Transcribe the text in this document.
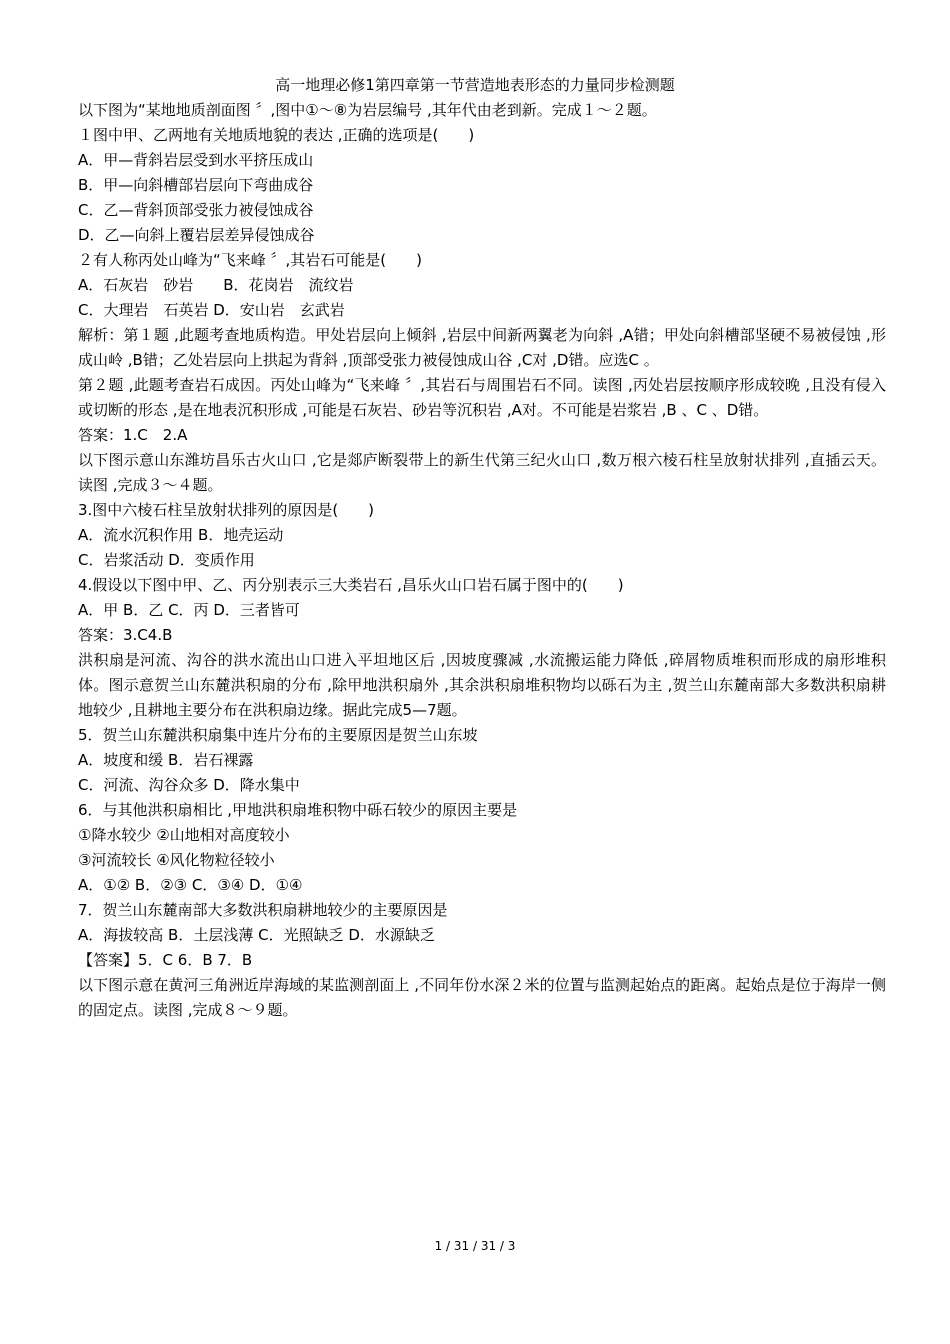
高一地理必修1第四章第一节营造地表形态的力量同步检测题

以下图为“某地地质剖面图 〞,图中①～⑧为岩层编号 ,其年代由老到新。完成１～２题。

１图中甲、乙两地有关地质地貌的表达 ,正确的选项是(　　)

A．甲—背斜岩层受到水平挤压成山

B．甲—向斜槽部岩层向下弯曲成谷

C．乙—背斜顶部受张力被侵蚀成谷

D．乙—向斜上覆岩层差异侵蚀成谷

２有人称丙处山峰为“飞来峰 〞,其岩石可能是(　　)

A．石灰岩　砂岩　　B．花岗岩　流纹岩

C．大理岩　石英岩 D．安山岩　玄武岩

解析：第１题 ,此题考查地质构造。甲处岩层向上倾斜 ,岩层中间新两翼老为向斜 ,A错；甲处向斜槽部坚硬不易被侵蚀 ,形成山岭 ,B错；乙处岩层向上拱起为背斜 ,顶部受张力被侵蚀成山谷 ,C对 ,D错。应选C 。

第２题 ,此题考查岩石成因。丙处山峰为“飞来峰 〞,其岩石与周围岩石不同。读图 ,丙处岩层按顺序形成较晚 ,且没有侵入或切断的形态 ,是在地表沉积形成 ,可能是石灰岩、砂岩等沉积岩 ,A对。不可能是岩浆岩 ,B 、C 、D错。

答案：1.C　2.A

以下图示意山东潍坊昌乐古火山口 ,它是郯庐断裂带上的新生代第三纪火山口 ,数万根六棱石柱呈放射状排列 ,直插云天。读图 ,完成３～４题。

3.图中六棱石柱呈放射状排列的原因是(　　)

A．流水沉积作用 B．地壳运动

C．岩浆活动 D．变质作用

4.假设以下图中甲、乙、丙分别表示三大类岩石 ,昌乐火山口岩石属于图中的(　　)

A．甲 B．乙 C．丙 D．三者皆可

答案：3.C4.B

洪积扇是河流、沟谷的洪水流出山口进入平坦地区后 ,因坡度骤减 ,水流搬运能力降低 ,碎屑物质堆积而形成的扇形堆积体。图示意贺兰山东麓洪积扇的分布 ,除甲地洪积扇外 ,其余洪积扇堆积物均以砾石为主 ,贺兰山东麓南部大多数洪积扇耕地较少 ,且耕地主要分布在洪积扇边缘。据此完成5—7题。

5．贺兰山东麓洪积扇集中连片分布的主要原因是贺兰山东坡

A．坡度和缓 B．岩石裸露

C．河流、沟谷众多 D．降水集中

6．与其他洪积扇相比 ,甲地洪积扇堆积物中砾石较少的原因主要是

①降水较少 ②山地相对高度较小

③河流较长 ④风化物粒径较小

A．①② B．②③ C．③④ D．①④

7．贺兰山东麓南部大多数洪积扇耕地较少的主要原因是

A．海拔较高 B．土层浅薄 C．光照缺乏 D．水源缺乏

【答案】5．C 6．B 7．B

以下图示意在黄河三角洲近岸海域的某监测剖面上 ,不同年份水深２米的位置与监测起始点的距离。起始点是位于海岸一侧的固定点。读图 ,完成８～９题。

1 / 31 / 31 / 3
